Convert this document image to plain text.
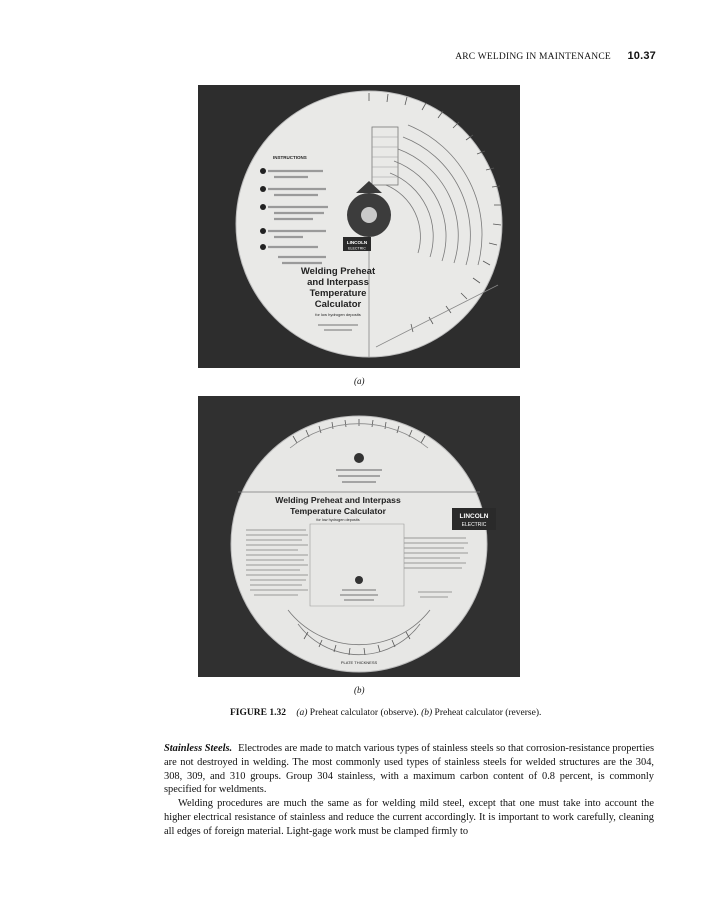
ARC WELDING IN MAINTENANCE 10.37
INSTRUCTIONS
LINCOLN
ELECTRIC
Welding Preheat
and Interpass
Temperature
Calculator
for low hydrogen deposits
(a)
Welding Preheat and Interpass
Temperature Calculator
for low hydrogen deposits	LINCOLN
ELECTRIC
PLATE THICKNESS
(b)
FIGURE 1.32 (a) Preheat calculator (observe). (b) Preheat calculator (reverse).

Stainless Steels. Electrodes are made to match various types of stainless steels so that corrosion-resistance properties are not destroyed in welding. The most commonly used types of stainless steels for welded structures are the 304, 308, 309, and 310 groups. Group 304 stainless, with a maximum carbon content of 0.8 percent, is commonly specified for weldments.

Welding procedures are much the same as for welding mild steel, except that one must take into account the higher electrical resistance of stainless and reduce the current accordingly. It is important to work carefully, cleaning all edges of foreign material. Light-gage work must be clamped firmly to
